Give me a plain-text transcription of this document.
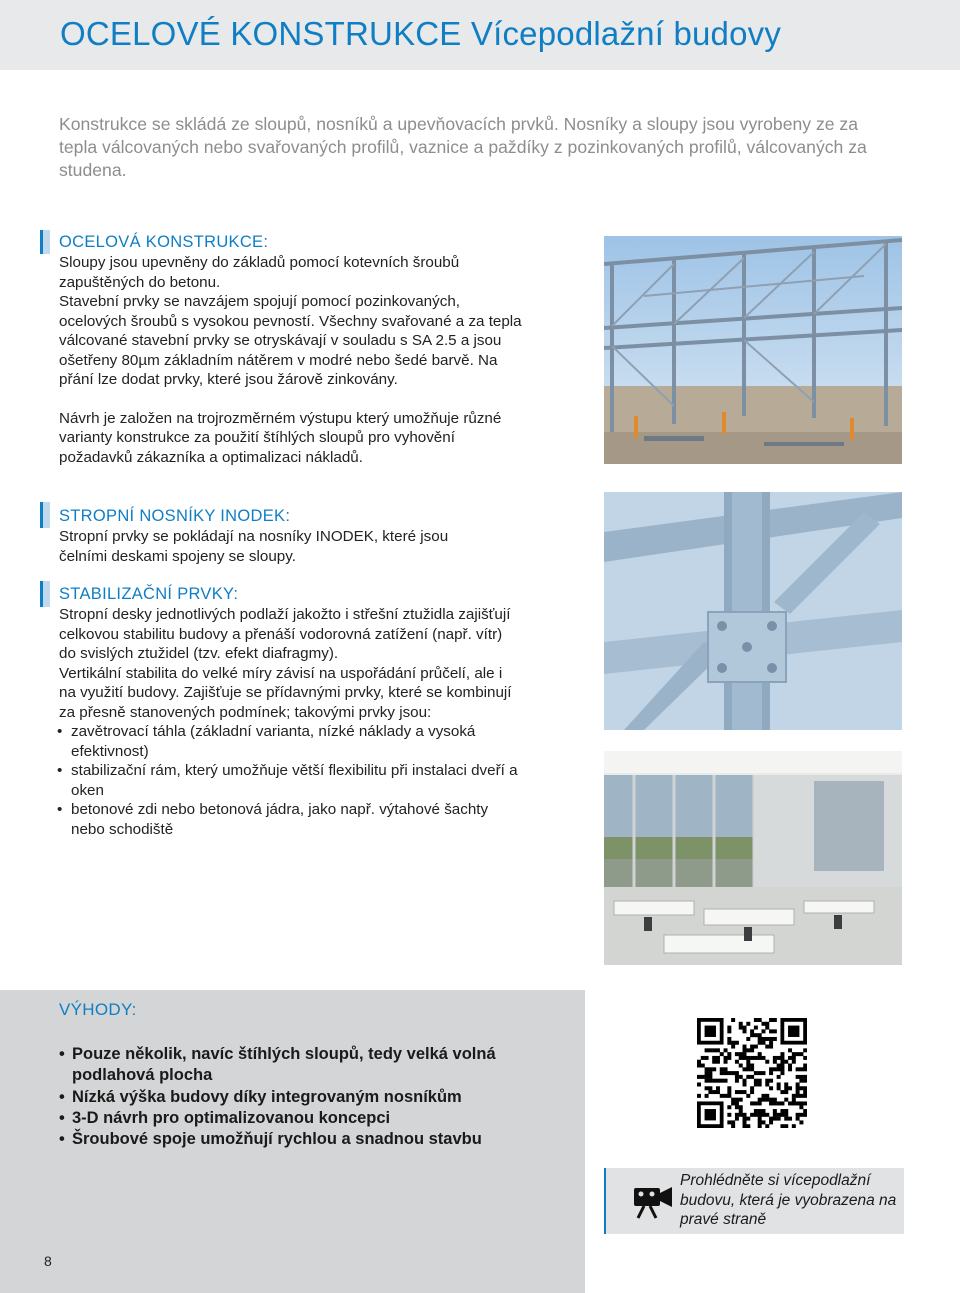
OCELOVÉ KONSTRUKCE Vícepodlažní budovy
Konstrukce se skládá ze sloupů, nosníků a upevňovacích prvků. Nosníky a sloupy jsou vyrobeny ze za tepla válcovaných nebo svařovaných profilů, vaznice a paždíky z pozinkovaných profilů, válcovaných za studena.
OCELOVÁ KONSTRUKCE:

Sloupy jsou upevněny do základů pomocí kotevních šroubů zapuštěných do betonu.

Stavební prvky se navzájem spojují pomocí pozinkovaných, ocelových šroubů s vysokou pevností. Všechny svařované a za tepla válcované stavební prvky se otryskávají v souladu s SA 2.5 a jsou ošetřeny 80µm základním nátěrem v modré nebo šedé barvě. Na přání lze dodat prvky, které jsou žárově zinkovány.

Návrh je založen na trojrozměrném výstupu který umožňuje různé varianty konstrukce za použití štíhlých sloupů pro vyhovění požadavků zákazníka a optimalizaci nákladů.

STROPNÍ NOSNÍKY INODEK:

Stropní prvky se pokládají na nosníky INODEK, které jsou čelními deskami spojeny se sloupy.

STABILIZAČNÍ PRVKY:

Stropní desky jednotlivých podlaží jakožto i střešní ztužidla zajišťují celkovou stabilitu budovy a přenáší vodorovná zatížení (např. vítr) do svislých ztužidel (tzv. efekt diafragmy).

Vertikální stabilita do velké míry závisí na uspořádání průčelí, ale i na využití budovy. Zajišťuje se přídavnými prvky, které se kombinují za přesně stanovených podmínek; takovými prvky jsou:

• zavětrovací táhla (základní varianta, nízké náklady a vysoká efektivnost)
• stabilizační rám, který umožňuje větší flexibilitu při instalaci dveří a oken
• betonové zdi nebo betonová jádra, jako např. výtahové šachty nebo schodiště
VÝHODY:
• Pouze několik, navíc štíhlých sloupů, tedy velká volná podlahová plocha
• Nízká výška budovy díky integrovaným nosníkům
• 3-D návrh pro optimalizovanou koncepci
• Šroubové spoje umožňují rychlou a snadnou stavbu
8
Prohlédněte si vícepodlažní budovu, která je vyobrazena na pravé straně
